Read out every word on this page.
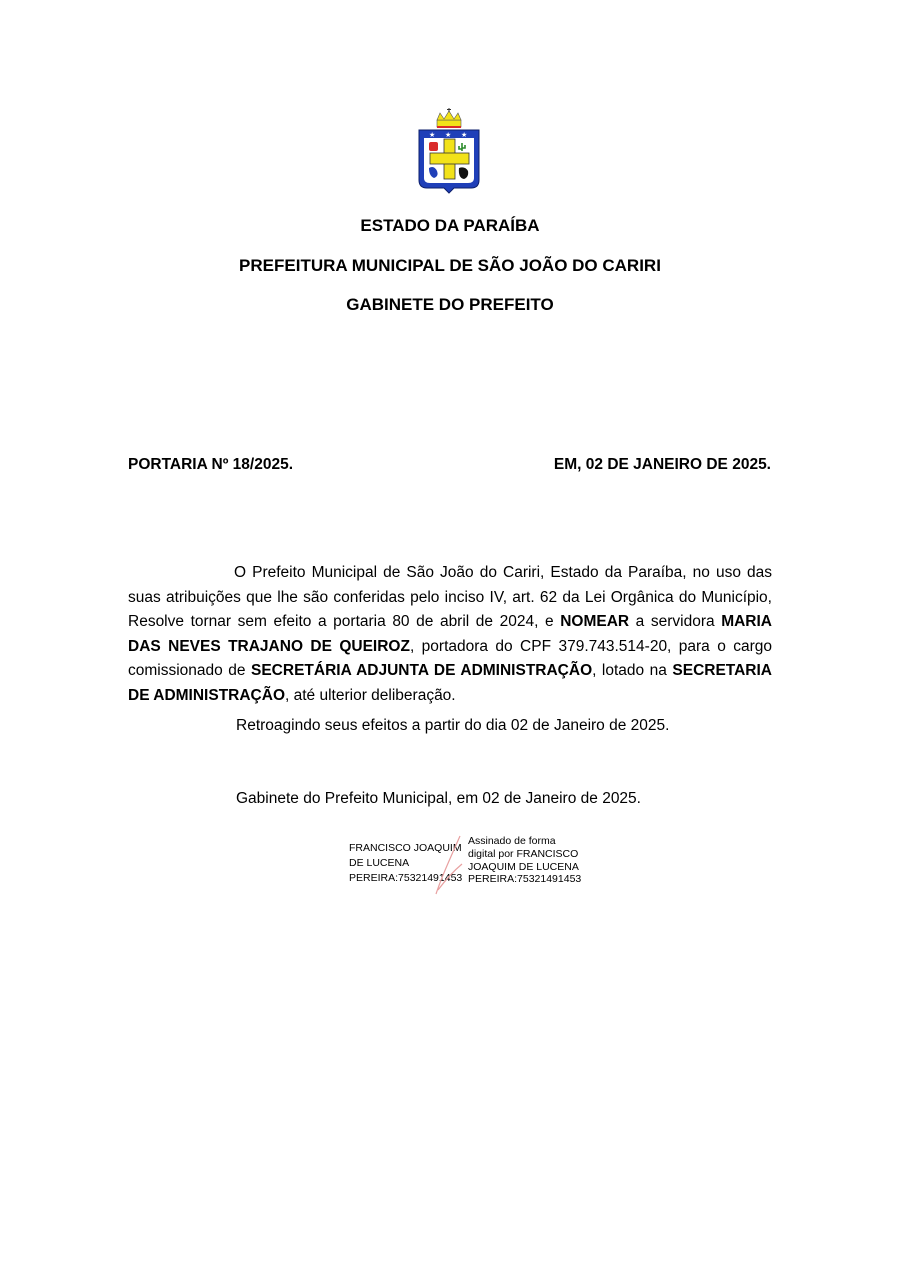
★ ★ ★
ESTADO DA PARAÍBA
PREFEITURA MUNICIPAL DE SÃO JOÃO DO CARIRI
GABINETE DO PREFEITO
PORTARIA Nº 18/2025.	EM, 02 DE JANEIRO DE 2025.
O Prefeito Municipal de São João do Cariri, Estado da Paraíba, no uso das suas atribuições que lhe são conferidas pelo inciso IV, art. 62 da Lei Orgânica do Município, Resolve tornar sem efeito a portaria 80 de abril de 2024, e NOMEAR a servidora MARIA DAS NEVES TRAJANO DE QUEIROZ, portadora do CPF 379.743.514-20, para o cargo comissionado de SECRETÁRIA ADJUNTA DE ADMINISTRAÇÃO, lotado na SECRETARIA DE ADMINISTRAÇÃO, até ulterior deliberação.
Retroagindo seus efeitos a partir do dia 02 de Janeiro de 2025.
Gabinete do Prefeito Municipal, em 02 de Janeiro de 2025.
FRANCISCO JOAQUIM
DE LUCENA
PEREIRA:75321491453
Assinado de forma
digital por FRANCISCO
JOAQUIM DE LUCENA
PEREIRA:75321491453
